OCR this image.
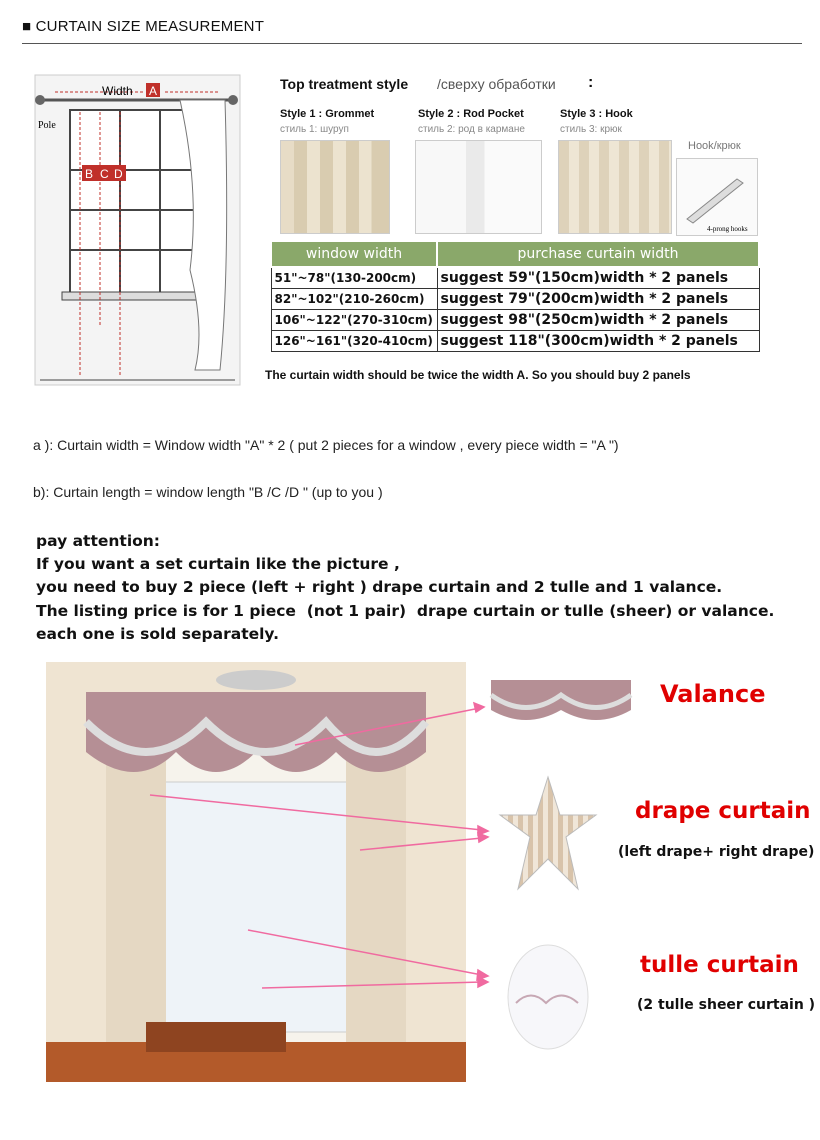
■ CURTAIN SIZE MEASUREMENT
Width A
B C D
Pole
Top treatment style /сверху обработки :
Style 1 : Grommet
стиль 1: шуруп
Style 2 : Rod Pocket
стиль 2: род в кармане
Style 3 : Hook
стиль 3: крюк
Hook/крюк
4-prong hooks
window width	purchase curtain width
51"~78"(130-200cm)	suggest 59"(150cm)width * 2 panels
82"~102"(210-260cm)	suggest 79"(200cm)width * 2 panels
106"~122"(270-310cm)	suggest 98"(250cm)width * 2 panels
126"~161"(320-410cm)	suggest 118"(300cm)width * 2 panels
The curtain width should be twice the width A. So you should buy 2 panels
a ): Curtain width = Window width "A" * 2 ( put 2 pieces for a window , every piece width = "A ")
b): Curtain length = window length "B /C /D " (up to you )
pay attention:
If you want a set curtain like the picture ,
you need to buy 2 piece (left + right ) drape curtain and 2 tulle and 1 valance.
The listing price is for 1 piece  (not 1 pair)  drape curtain or tulle (sheer) or valance.
each one is sold separately.
Valance
drape curtain
(left drape+ right drape)
tulle curtain
(2 tulle sheer curtain )
